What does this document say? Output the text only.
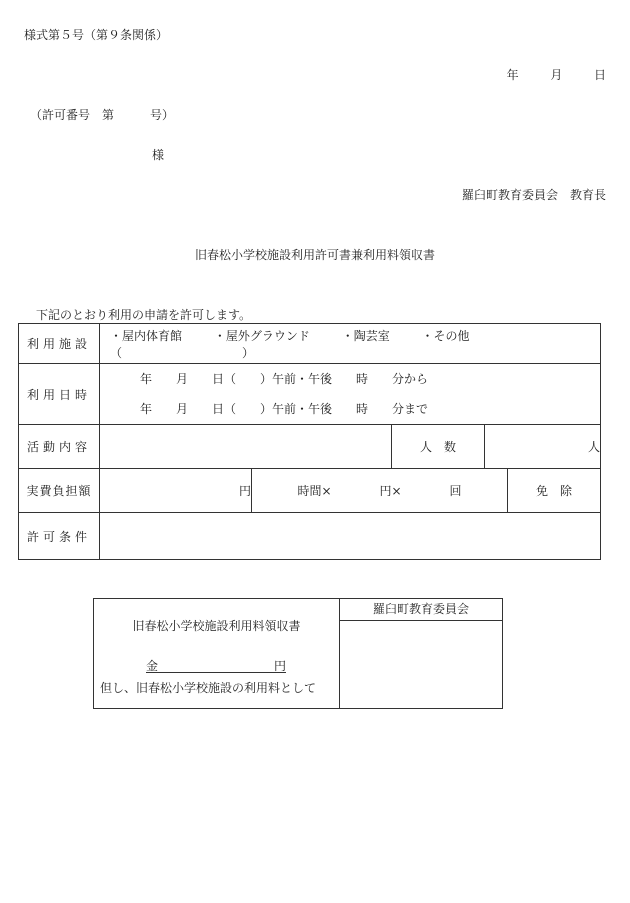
様式第５号（第９条関係）
年	月	日
（許可番号　第　　　号）
様
羅臼町教育委員会　教育長
旧春松小学校施設利用許可書兼利用料領収書
下記のとおり利用の申請を許可します。
利用施設	・屋内体育館 ・屋外グラウンド ・陶芸室 ・その他（　　　　　　　　　　）				

利用日時	年　　月　　日（　　）午前・午後　　時　　分から
年　　月　　日（　　）午前・午後　　時　　分まで				

活動内容			人　数	人	
実費負担額	円	時間×　　　　円×　　　　回			免　除
許可条件					
旧春松小学校施設利用料領収書
金	円
但し、旧春松小学校施設の利用料として
羅臼町教育委員会
